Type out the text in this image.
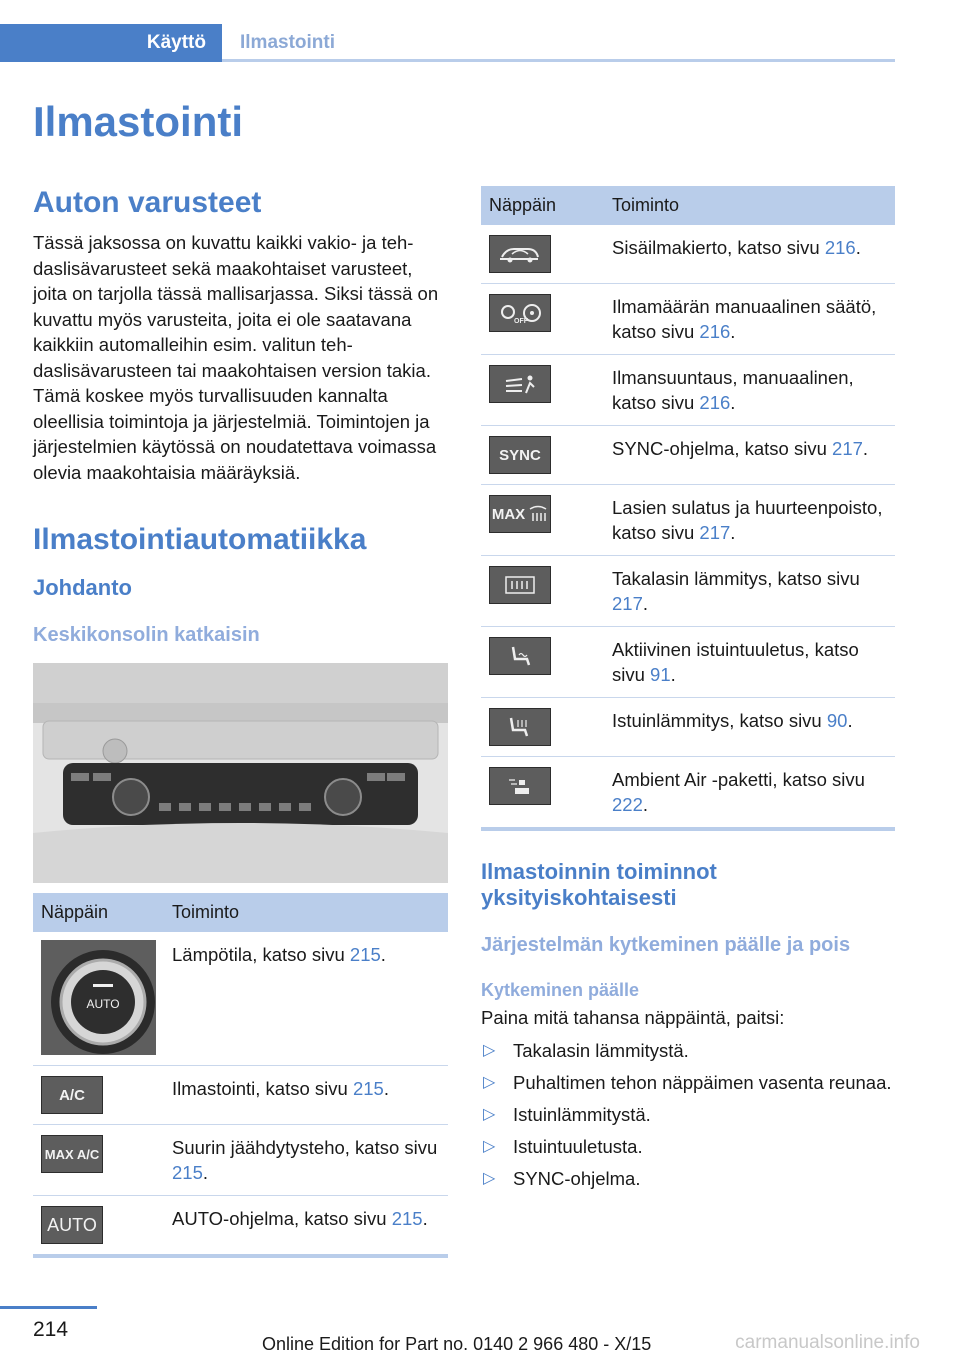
Käyttö Ilmastointi
Ilmastointi
Auton varusteet

Tässä jaksossa on kuvattu kaikki vakio- ja tehdaslisävarusteet sekä maakohtaiset varusteet, joita on tarjolla tässä mallisarjassa. Siksi tässä on kuvattu myös varusteita, joita ei ole saatavana kaikkiin automalleihin esim. valitun tehdaslisävarusteen tai maakohtaisen version takia. Tämä koskee myös turvallisuuden kannalta oleellisia toimintoja ja järjestelmiä. Toimintojen ja järjestelmien käytössä on noudatettava voimassa olevia maakohtaisia määräyksiä.

Ilmastointiautomatiikka
Johdanto
Keskikonsolin katkaisin
Näppäin	Toiminto

AUTO	Lämpötila, katso sivu 215.

A/C	Ilmastointi, katso sivu 215.

MAX A/C	Suurin jäähdytysteho, katso sivu 215.

AUTO	AUTO-ohjelma, katso sivu 215.
Näppäin	Toiminto

	Sisäilmakierto, katso sivu 216.

OFF	Ilmamäärän manuaalinen säätö, katso sivu 216.

	Ilmansuuntaus, manuaalinen, katso sivu 216.

SYNC	SYNC-ohjelma, katso sivu 217.

MAX	Lasien sulatus ja huurteenpoisto, katso sivu 217.

	Takalasin lämmitys, katso sivu 217.

	Aktiivinen istuintuuletus, katso sivu 91.

	Istuinlämmitys, katso sivu 90.

	Ambient Air -paketti, katso sivu 222.
Ilmastoinnin toiminnot yksityiskohtaisesti
Järjestelmän kytkeminen päälle ja pois
Kytkeminen päälle

Paina mitä tahansa näppäintä, paitsi:

▷ Takalasin lämmitystä.
▷ Puhaltimen tehon näppäimen vasenta reunaa.
▷ Istuinlämmitystä.
▷ Istuintuuletusta.
▷ SYNC-ohjelma.
214
Online Edition for Part no. 0140 2 966 480 - X/15	carmanualsonline.info
